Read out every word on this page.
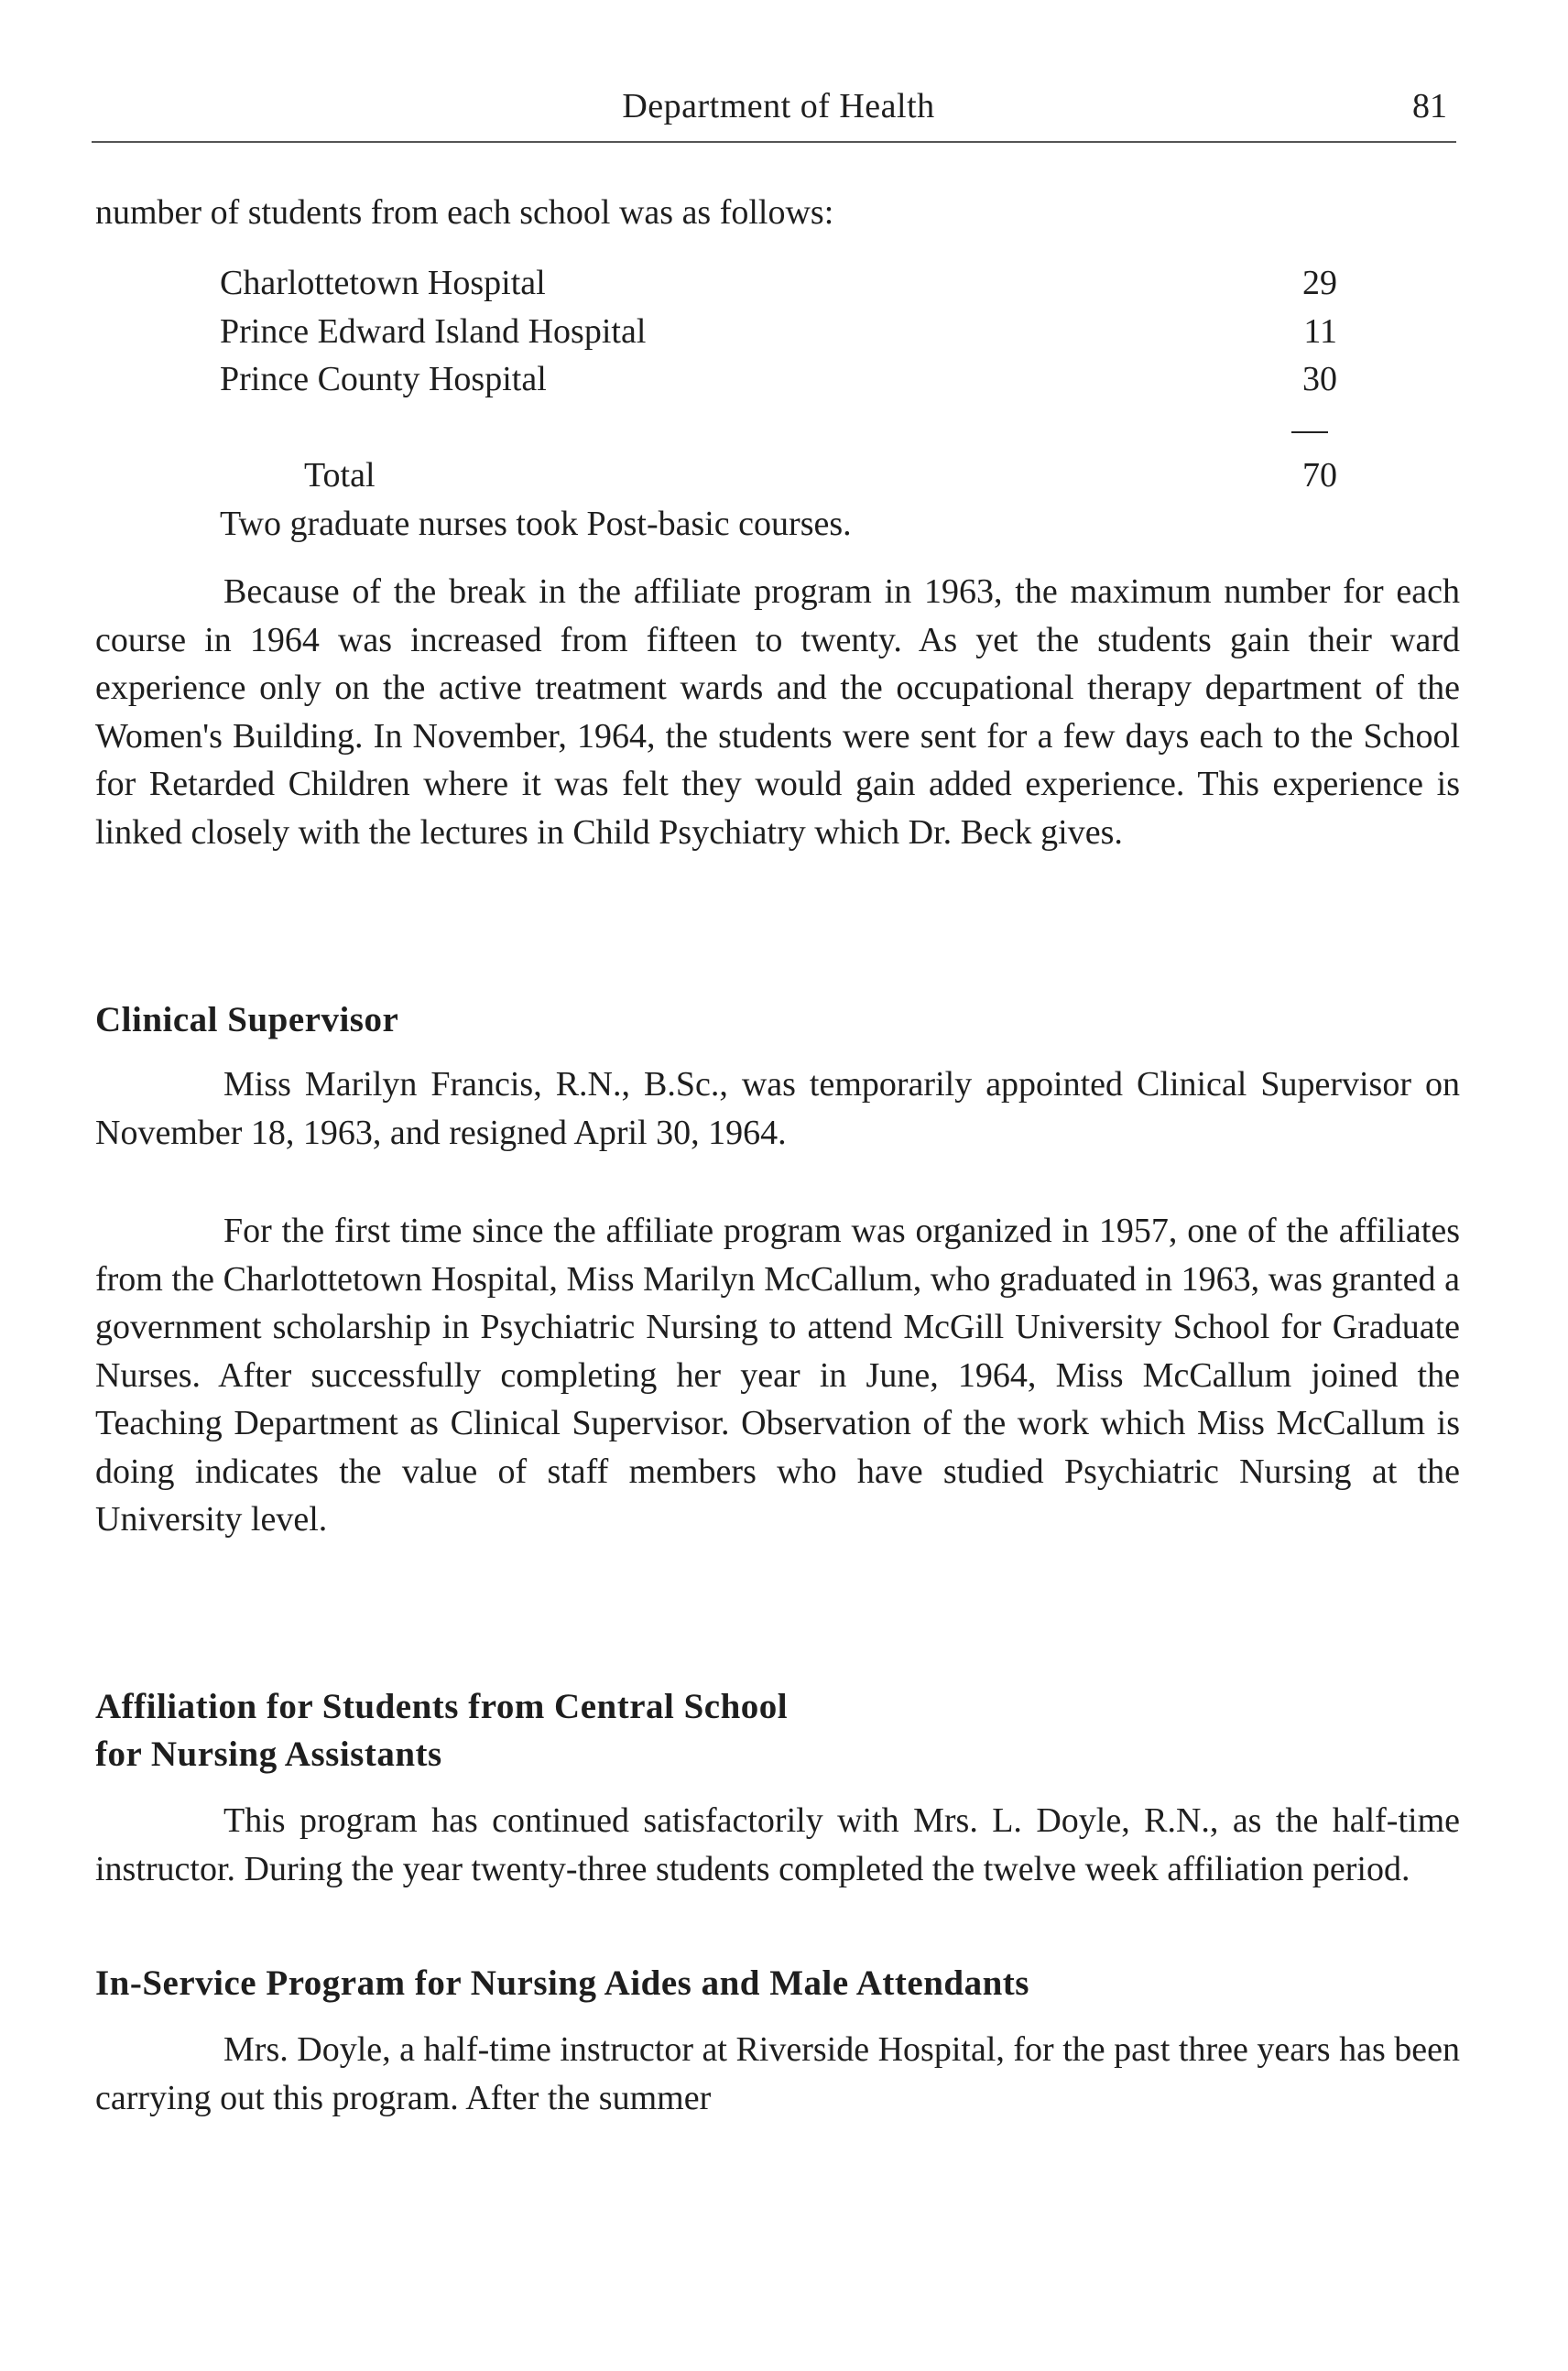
Department of Health	81

number of students from each school was as follows:

Charlottetown Hospital	29
Prince Edward Island Hospital	11
Prince County Hospital	30
Total	70
Two graduate nurses took Post-basic courses.

Because of the break in the affiliate program in 1963, the maximum number for each course in 1964 was increased from fifteen to twenty. As yet the students gain their ward experience only on the active treatment wards and the occupational therapy department of the Women's Building. In November, 1964, the students were sent for a few days each to the School for Retarded Children where it was felt they would gain added experience. This experience is linked closely with the lectures in Child Psychiatry which Dr. Beck gives.

Clinical Supervisor

Miss Marilyn Francis, R.N., B.Sc., was temporarily appointed Clinical Supervisor on November 18, 1963, and resigned April 30, 1964.

For the first time since the affiliate program was organized in 1957, one of the affiliates from the Charlottetown Hospital, Miss Marilyn McCallum, who graduated in 1963, was granted a government scholarship in Psychiatric Nursing to attend McGill University School for Graduate Nurses. After successfully completing her year in June, 1964, Miss McCallum joined the Teaching Department as Clinical Supervisor. Observation of the work which Miss McCallum is doing indicates the value of staff members who have studied Psychiatric Nursing at the University level.

Affiliation for Students from Central School
for Nursing Assistants

This program has continued satisfactorily with Mrs. L. Doyle, R.N., as the half-time instructor. During the year twenty-three students completed the twelve week affiliation period.

In-Service Program for Nursing Aides and Male Attendants

Mrs. Doyle, a half-time instructor at Riverside Hospital, for the past three years has been carrying out this program. After the summer
